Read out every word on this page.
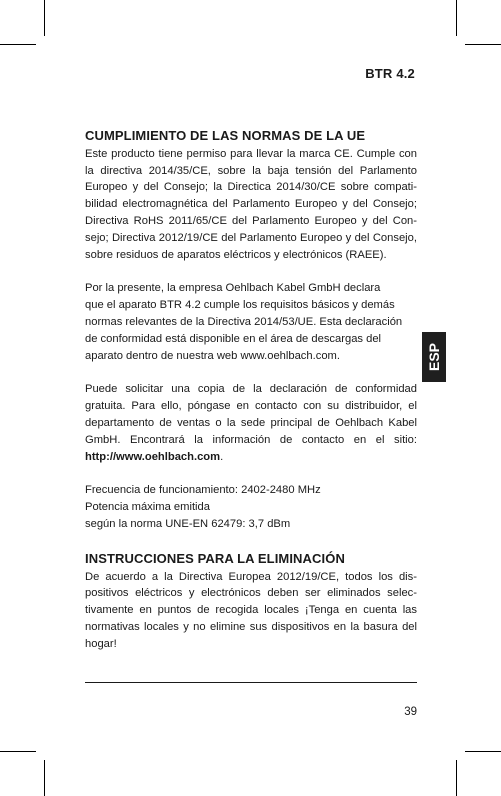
BTR 4.2
ESP
CUMPLIMIENTO DE LAS NORMAS DE LA UE

Este producto tiene permiso para llevar la marca CE. Cumple con la directiva 2014/35/CE, sobre la baja tensión del Parlamento Europeo y del Consejo; la Directica 2014/30/CE sobre compatibilidad electromagnética del Parlamento Europeo y del Consejo; Directiva RoHS 2011/65/CE del Parlamento Europeo y del Consejo; Directiva 2012/19/CE del Parlamento Europeo y del Consejo, sobre residuos de aparatos eléctricos y electrónicos (RAEE).

Por la presente, la empresa Oehlbach Kabel GmbH declara
que el aparato BTR 4.2 cumple los requisitos básicos y demás
normas relevantes de la Directiva 2014/53/UE. Esta declaración
de conformidad está disponible en el área de descargas del
aparato dentro de nuestra web www.oehlbach.com.

Puede solicitar una copia de la declaración de conformidad gratuita. Para ello, póngase en contacto con su distribuidor, el departamento de ventas o la sede principal de Oehlbach Kabel GmbH. Encontrará la información de contacto en el sitio: http://www.oehlbach.com.

Frecuencia de funcionamiento: 2402-2480 MHz
Potencia máxima emitida
según la norma UNE-EN 62479: 3,7 dBm

INSTRUCCIONES PARA LA ELIMINACIÓN

De acuerdo a la Directiva Europea 2012/19/CE, todos los dispositivos eléctricos y electrónicos deben ser eliminados selectivamente en puntos de recogida locales ¡Tenga en cuenta las normativas locales y no elimine sus dispositivos en la basura del hogar!

39
